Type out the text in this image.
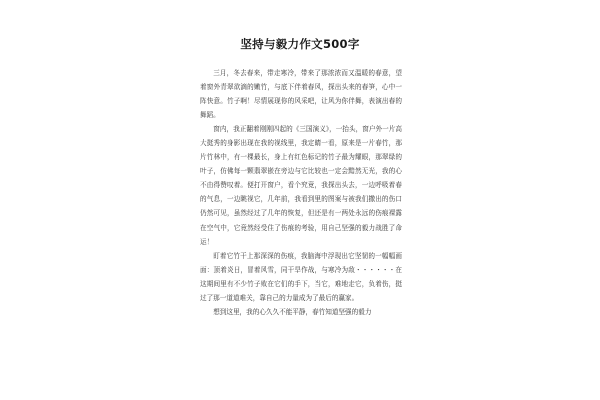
坚持与毅力作文500字

三月，冬去春来，带走寒冷，带来了那浓浓而又温暖的春意，望着窗外青翠欲滴的嫩竹，与底下伴着春风，探出头来的春笋，心中一阵快意。竹子啊！尽情展现你的风采吧，让风为你伴舞，表演出春的舞蹈。

窗内，我正翻着刚刚四起的《三国演义》，一抬头，窗户外一片高大挺秀的身影出现在我的视线里，我定睛一看，原来是一片春竹，那片竹林中，有一棵最长，身上有红色标记的竹子最为耀眼，那翠绿的叶子，仿佛每一颗翡翠嵌在旁边与它比较也一定会黯然无光，我的心不由得赞叹着。便打开窗户，看个究竟，我探出头去，一边呼吸着春的气息，一边眺视它，几年前，我看到里的图案与被我们撒出的伤口仍然可见，虽然经过了几年的恢复，但还是有一两处永远的伤痕裸露在空气中，它竟然经受住了伤痕的考验，用自己坚强的毅力战胜了命运！

盯着它竹干上那深深的伤痕，我脑海中浮现出它坚韧的一幅幅画面：顶着炎日，冒着风雪，同干旱作战，与寒冷为敌・・・・・・在这期间里有不少竹子败在它们的手下，当它，难地走它，负着伤，挺过了那一道道难关，靠自己的力量成为了最后的赢家。

想到这里，我的心久久不能平静，春竹知道坚强的毅力
